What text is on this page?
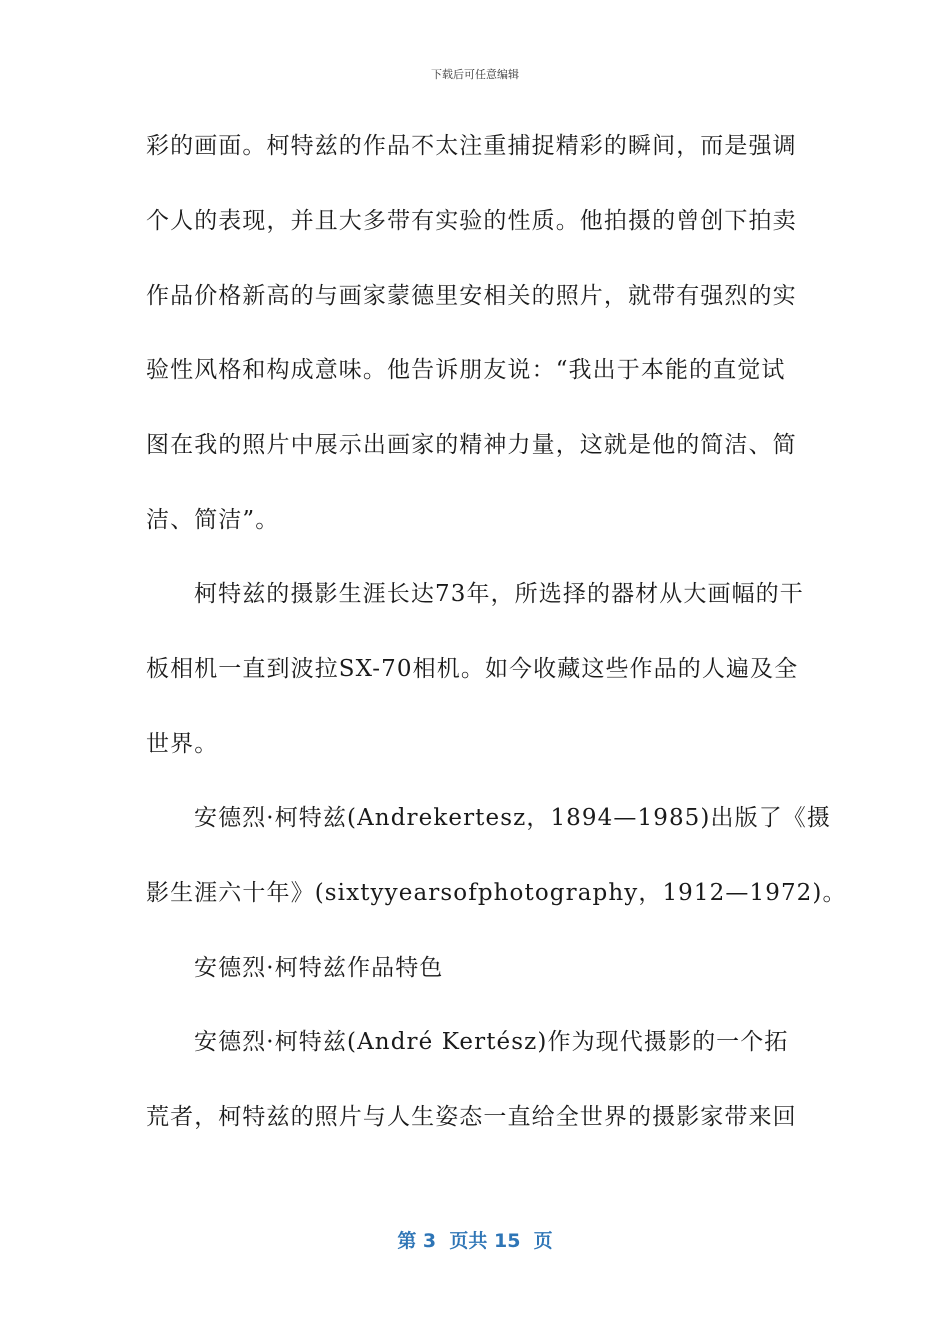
下载后可任意编辑
彩的画面。柯特兹的作品不太注重捕捉精彩的瞬间，而是强调
个人的表现，并且大多带有实验的性质。他拍摄的曾创下拍卖
作品价格新高的与画家蒙德里安相关的照片，就带有强烈的实
验性风格和构成意味。他告诉朋友说：“我出于本能的直觉试
图在我的照片中展示出画家的精神力量，这就是他的简洁、简
洁、简洁”。
柯特兹的摄影生涯长达73年，所选择的器材从大画幅的干
板相机一直到波拉SX-70相机。如今收藏这些作品的人遍及全
世界。
安德烈·柯特兹(Andrekertesz，1894—1985)出版了《摄
影生涯六十年》(sixtyyearsofphotography，1912—1972)。
安德烈·柯特兹作品特色
安德烈·柯特兹(André Kertész)作为现代摄影的一个拓
荒者，柯特兹的照片与人生姿态一直给全世界的摄影家带来回
第 3  页共 15  页
